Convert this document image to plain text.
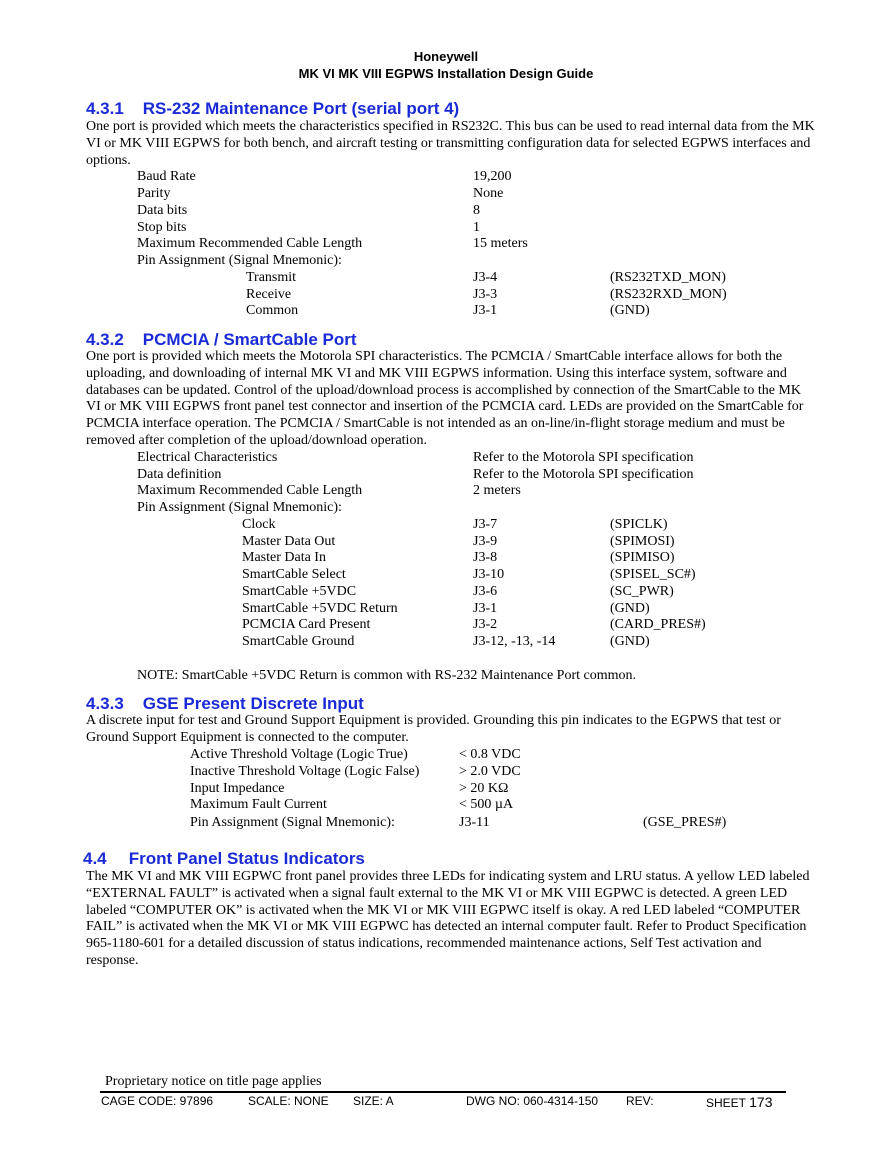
Honeywell
MK VI MK VIII EGPWS Installation Design Guide
4.3.1 RS-232 Maintenance Port (serial port 4)

One port is provided which meets the characteristics specified in RS232C. This bus can be used to read internal data from the MK VI or MK VIII EGPWS for both bench, and aircraft testing or transmitting configuration data for selected EGPWS interfaces and options.

Baud Rate	19,200
Parity	None
Data bits	8
Stop bits	1
Maximum Recommended Cable Length	15 meters
Pin Assignment (Signal Mnemonic):
Transmit	J3-4	(RS232TXD_MON)
Receive	J3-3	(RS232RXD_MON)
Common	J3-1	(GND)
4.3.2 PCMCIA / SmartCable Port

One port is provided which meets the Motorola SPI characteristics. The PCMCIA / SmartCable interface allows for both the uploading, and downloading of internal MK VI and MK VIII EGPWS information. Using this interface system, software and databases can be updated. Control of the upload/download process is accomplished by connection of the SmartCable to the MK VI or MK VIII EGPWS front panel test connector and insertion of the PCMCIA card. LEDs are provided on the SmartCable for PCMCIA interface operation. The PCMCIA / SmartCable is not intended as an on-line/in-flight storage medium and must be removed after completion of the upload/download operation.

Electrical Characteristics	Refer to the Motorola SPI specification
Data definition	Refer to the Motorola SPI specification
Maximum Recommended Cable Length	2 meters
Pin Assignment (Signal Mnemonic):
Clock	J3-7	(SPICLK)
Master Data Out	J3-9	(SPIMOSI)
Master Data In	J3-8	(SPIMISO)
SmartCable Select	J3-10	(SPISEL_SC#)
SmartCable +5VDC	J3-6	(SC_PWR)
SmartCable +5VDC Return	J3-1	(GND)
PCMCIA Card Present	J3-2	(CARD_PRES#)
SmartCable Ground	J3-12, -13, -14	(GND)
NOTE: SmartCable +5VDC Return is common with RS-232 Maintenance Port common.
4.3.3 GSE Present Discrete Input

A discrete input for test and Ground Support Equipment is provided. Grounding this pin indicates to the EGPWS that test or Ground Support Equipment is connected to the computer.

Active Threshold Voltage (Logic True)	< 0.8 VDC
Inactive Threshold Voltage (Logic False)	> 2.0 VDC
Input Impedance	> 20 KΩ
Maximum Fault Current	< 500 µA
Pin Assignment (Signal Mnemonic):	J3-11	(GSE_PRES#)
4.4 Front Panel Status Indicators

The MK VI and MK VIII EGPWC front panel provides three LEDs for indicating system and LRU status. A yellow LED labeled “EXTERNAL FAULT” is activated when a signal fault external to the MK VI or MK VIII EGPWC is detected. A green LED labeled “COMPUTER OK” is activated when the MK VI or MK VIII EGPWC itself is okay. A red LED labeled “COMPUTER FAIL” is activated when the MK VI or MK VIII EGPWC has detected an internal computer fault. Refer to Product Specification 965-1180-601 for a detailed discussion of status indications, recommended maintenance actions, Self Test activation and response.

Proprietary notice on title page applies
CAGE CODE: 97896	SCALE: NONE SIZE: A	DWG NO: 060-4314-150 REV:	SHEET 173
